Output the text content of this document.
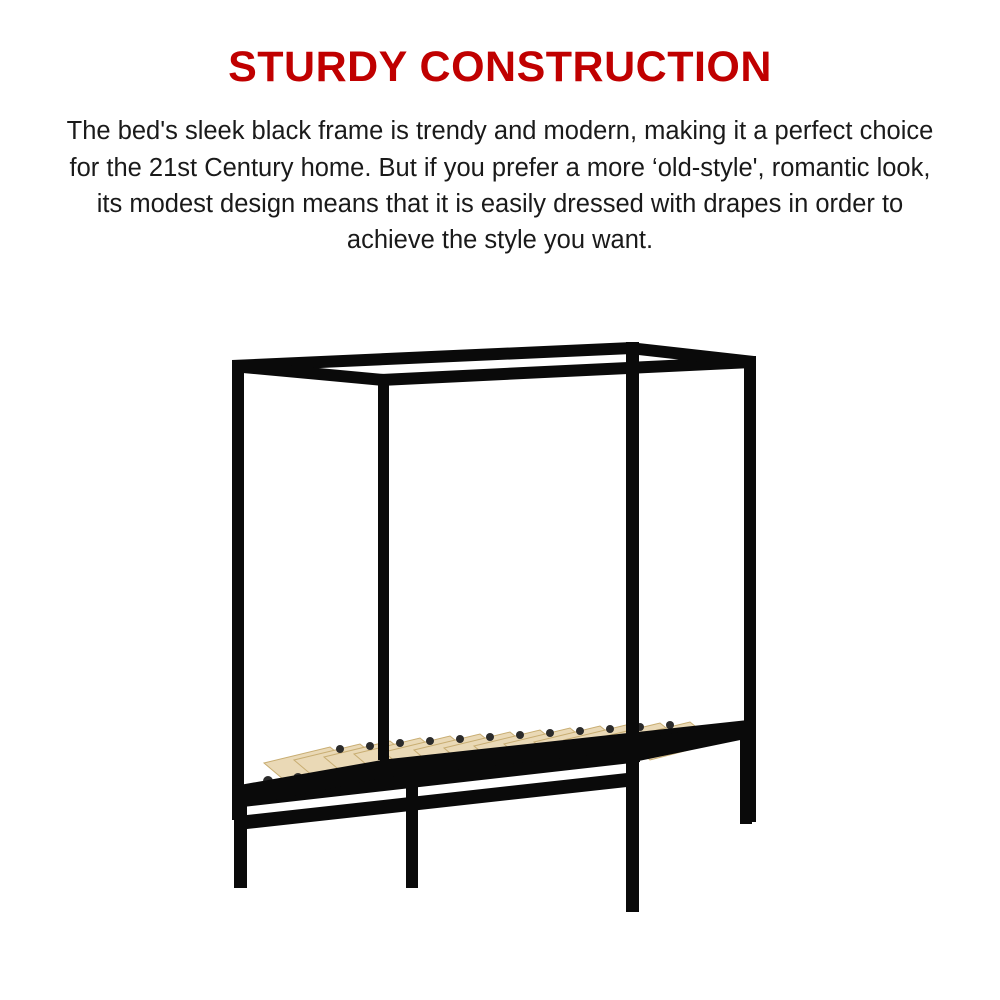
STURDY CONSTRUCTION

The bed's sleek black frame is trendy and modern, making it a perfect choice for the 21st Century home. But if you prefer a more ‘old-style', romantic look, its modest design means that it is easily dressed with drapes in order to achieve the style you want.
